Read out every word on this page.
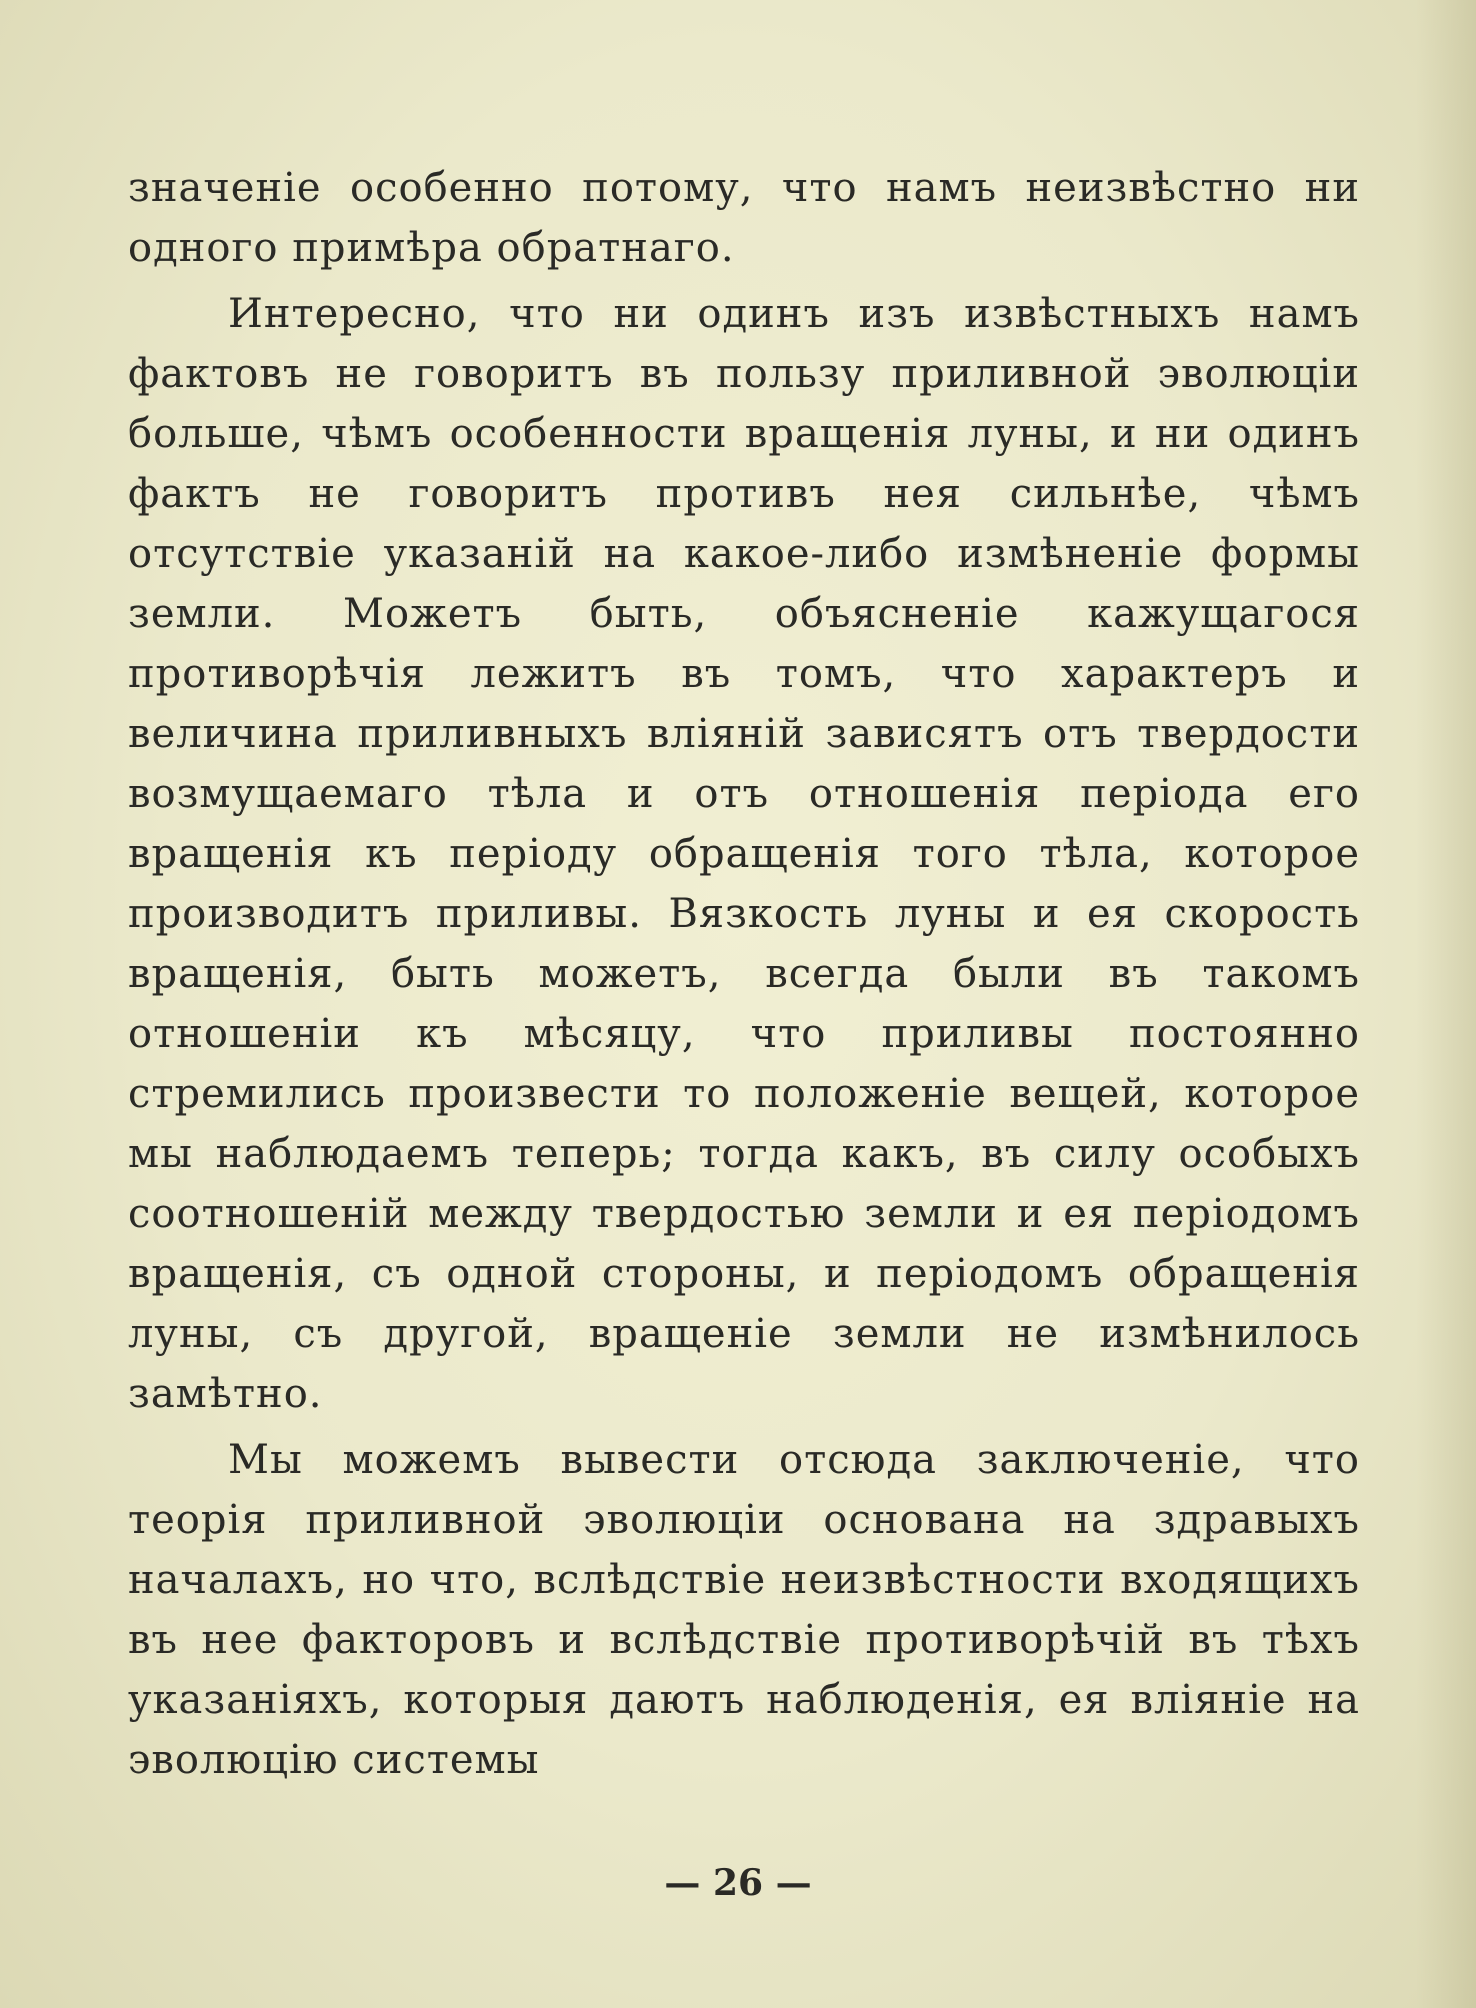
значеніе особенно потому, что намъ неизвѣстно ни одного примѣра обратнаго.

Интересно, что ни одинъ изъ извѣстныхъ намъ фактовъ не говоритъ въ пользу приливной эволюціи больше, чѣмъ особенности вращенія луны, и ни одинъ фактъ не говоритъ противъ нея сильнѣе, чѣмъ отсутствіе указаній на какое-либо измѣненіе формы земли. Можетъ быть, объясненіе кажущагося противорѣчія лежитъ въ томъ, что характеръ и величина приливныхъ вліяній зависятъ отъ твердости возмущаемаго тѣла и отъ отношенія періода его вращенія къ періоду обращенія того тѣла, которое производитъ приливы. Вязкость луны и ея скорость вращенія, быть можетъ, всегда были въ такомъ отношеніи къ мѣсяцу, что приливы постоянно стремились произвести то положеніе вещей, которое мы наблюдаемъ теперь; тогда какъ, въ силу особыхъ соотношеній между твердостью земли и ея періодомъ вращенія, съ одной стороны, и періодомъ обращенія луны, съ другой, вращеніе земли не измѣнилось замѣтно.

Мы можемъ вывести отсюда заключеніе, что теорія приливной эволюціи основана на здравыхъ началахъ, но что, вслѣдствіе неизвѣстности входящихъ въ нее факторовъ и вслѣдствіе противорѣчій въ тѣхъ указаніяхъ, которыя даютъ наблюденія, ея вліяніе на эволюцію системы

— 26 —
